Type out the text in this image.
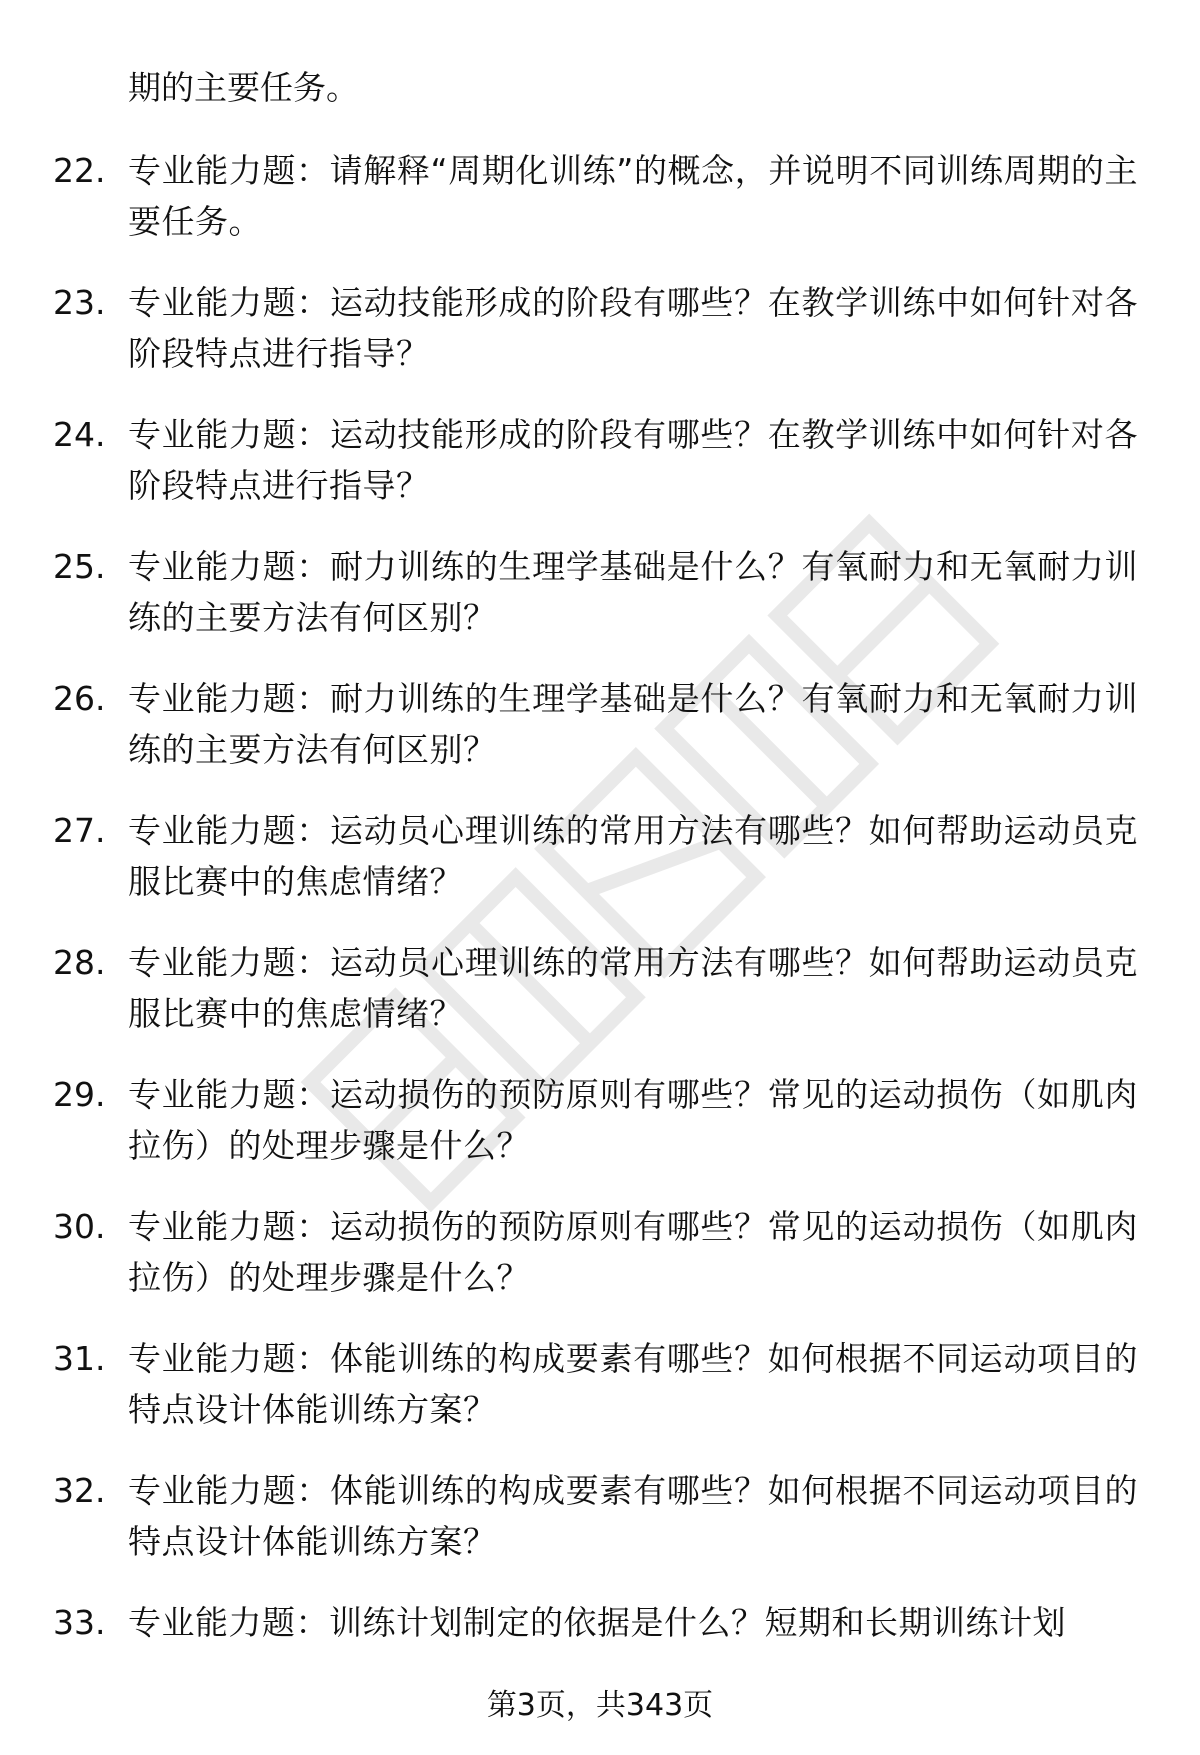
期的主要任务。
22. 专业能力题：请解释“周期化训练”的概念，并说明不同训练周期的主要任务。
23. 专业能力题：运动技能形成的阶段有哪些？在教学训练中如何针对各阶段特点进行指导？
24. 专业能力题：运动技能形成的阶段有哪些？在教学训练中如何针对各阶段特点进行指导？
25. 专业能力题：耐力训练的生理学基础是什么？有氧耐力和无氧耐力训练的主要方法有何区别？
26. 专业能力题：耐力训练的生理学基础是什么？有氧耐力和无氧耐力训练的主要方法有何区别？
27. 专业能力题：运动员心理训练的常用方法有哪些？如何帮助运动员克服比赛中的焦虑情绪？
28. 专业能力题：运动员心理训练的常用方法有哪些？如何帮助运动员克服比赛中的焦虑情绪？
29. 专业能力题：运动损伤的预防原则有哪些？常见的运动损伤（如肌肉拉伤）的处理步骤是什么？
30. 专业能力题：运动损伤的预防原则有哪些？常见的运动损伤（如肌肉拉伤）的处理步骤是什么？
31. 专业能力题：体能训练的构成要素有哪些？如何根据不同运动项目的特点设计体能训练方案？
32. 专业能力题：体能训练的构成要素有哪些？如何根据不同运动项目的特点设计体能训练方案？
33. 专业能力题：训练计划制定的依据是什么？短期和长期训练计划
第3页，共343页
